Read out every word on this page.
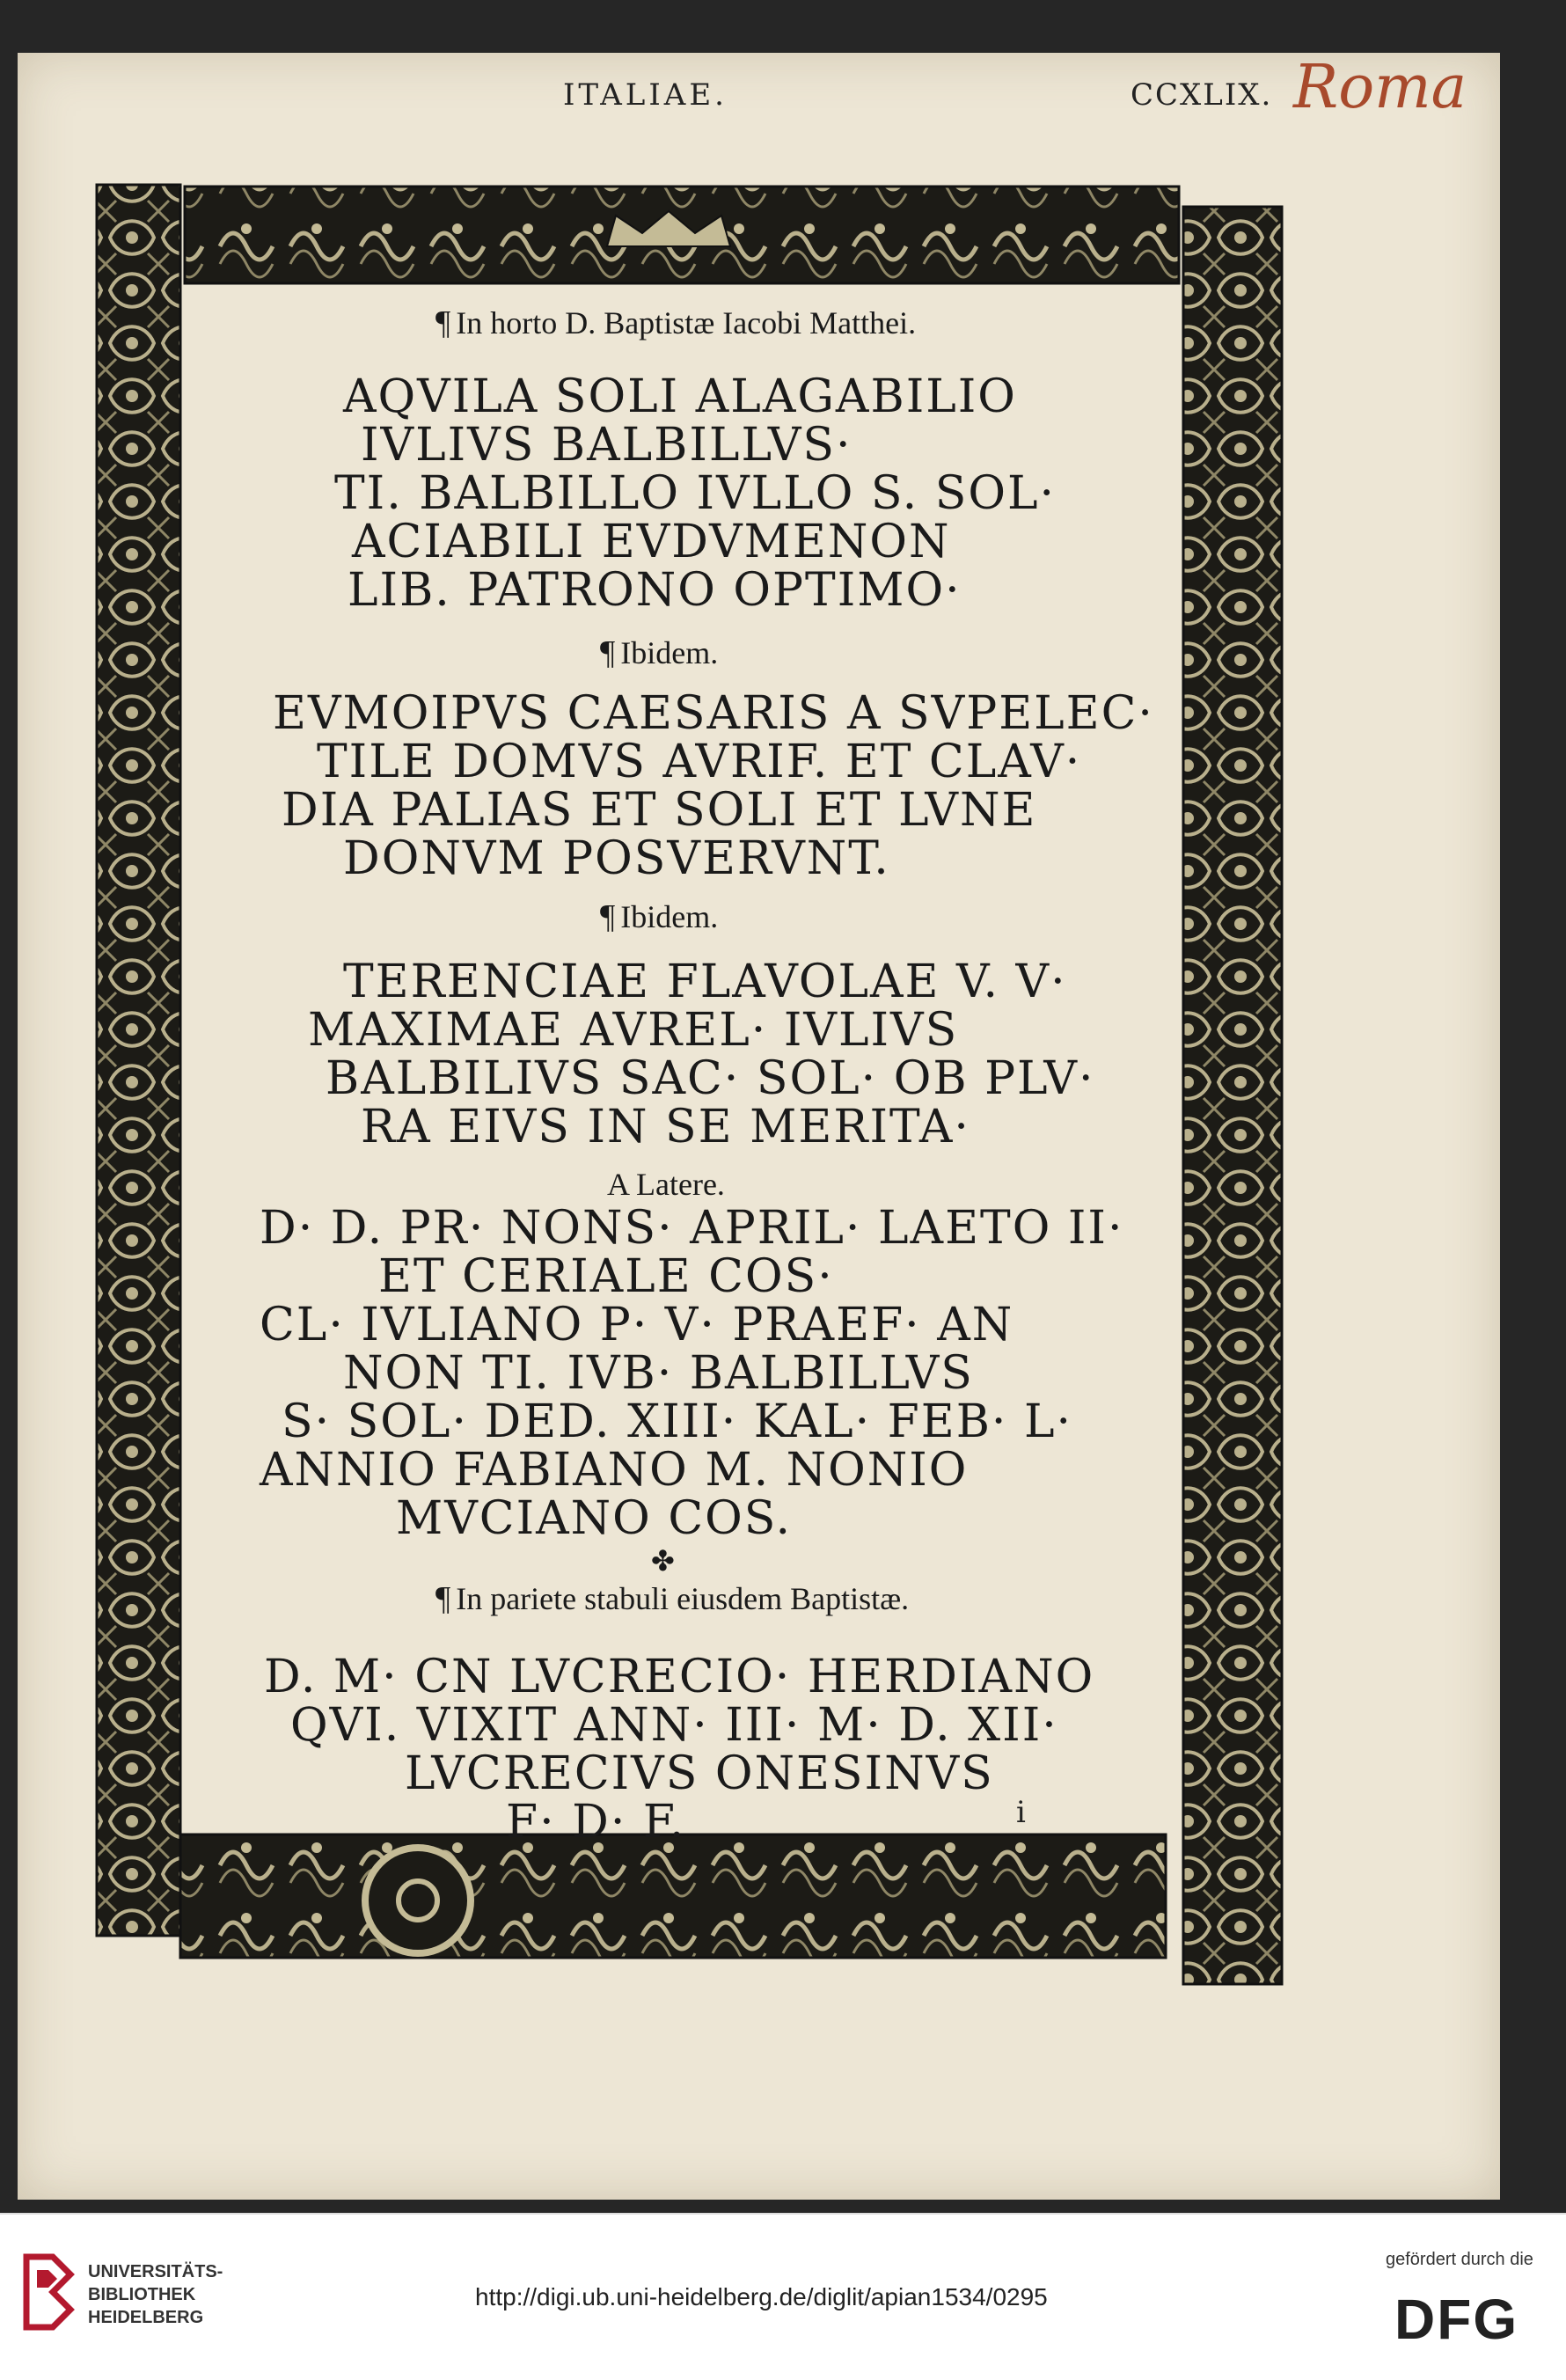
ITALIAE.	CCXLIX. Roma
¶ In horto D. Baptistæ Iacobi Matthei.
AQVILA SOLI ALAGABILIO
IVLIVS BALBILLVS·
TI. BALBILLO IVLLO S. SOL·
ACIABILI EVDVMENON
LIB. PATRONO OPTIMO·
¶ Ibidem.
EVMOIPVS CAESARIS A SVPELEC·
TILE DOMVS AVRIF. ET CLAV·
DIA PALIAS ET SOLI ET LVNE
DONVM POSVERVNT.
¶ Ibidem.
TERENCIAE FLAVOLAE V. V·
MAXIMAE AVREL· IVLIVS
BALBILIVS SAC· SOL· OB PLV·
RA EIVS IN SE MERITA·
A Latere.
D· D. PR· NONS· APRIL· LAETO II·
ET CERIALE COS·
CL· IVLIANO P· V· PRAEF· AN
NON TI. IVB· BALBILLVS
S· SOL· DED. XIII· KAL· FEB· L·
ANNIO FABIANO M. NONIO
MVCIANO COS.
✤
¶ In pariete stabuli eiusdem Baptistæ.
D. M· CN LVCRECIO· HERDIANO
QVI. VIXIT ANN· III· M· D. XII·
LVCRECIVS ONESINVS
F· D· F.	i
UNIVERSITÄTS-
BIBLIOTHEK
HEIDELBERG
http://digi.ub.uni-heidelberg.de/diglit/apian1534/0295
gefördert durch die
DFG
